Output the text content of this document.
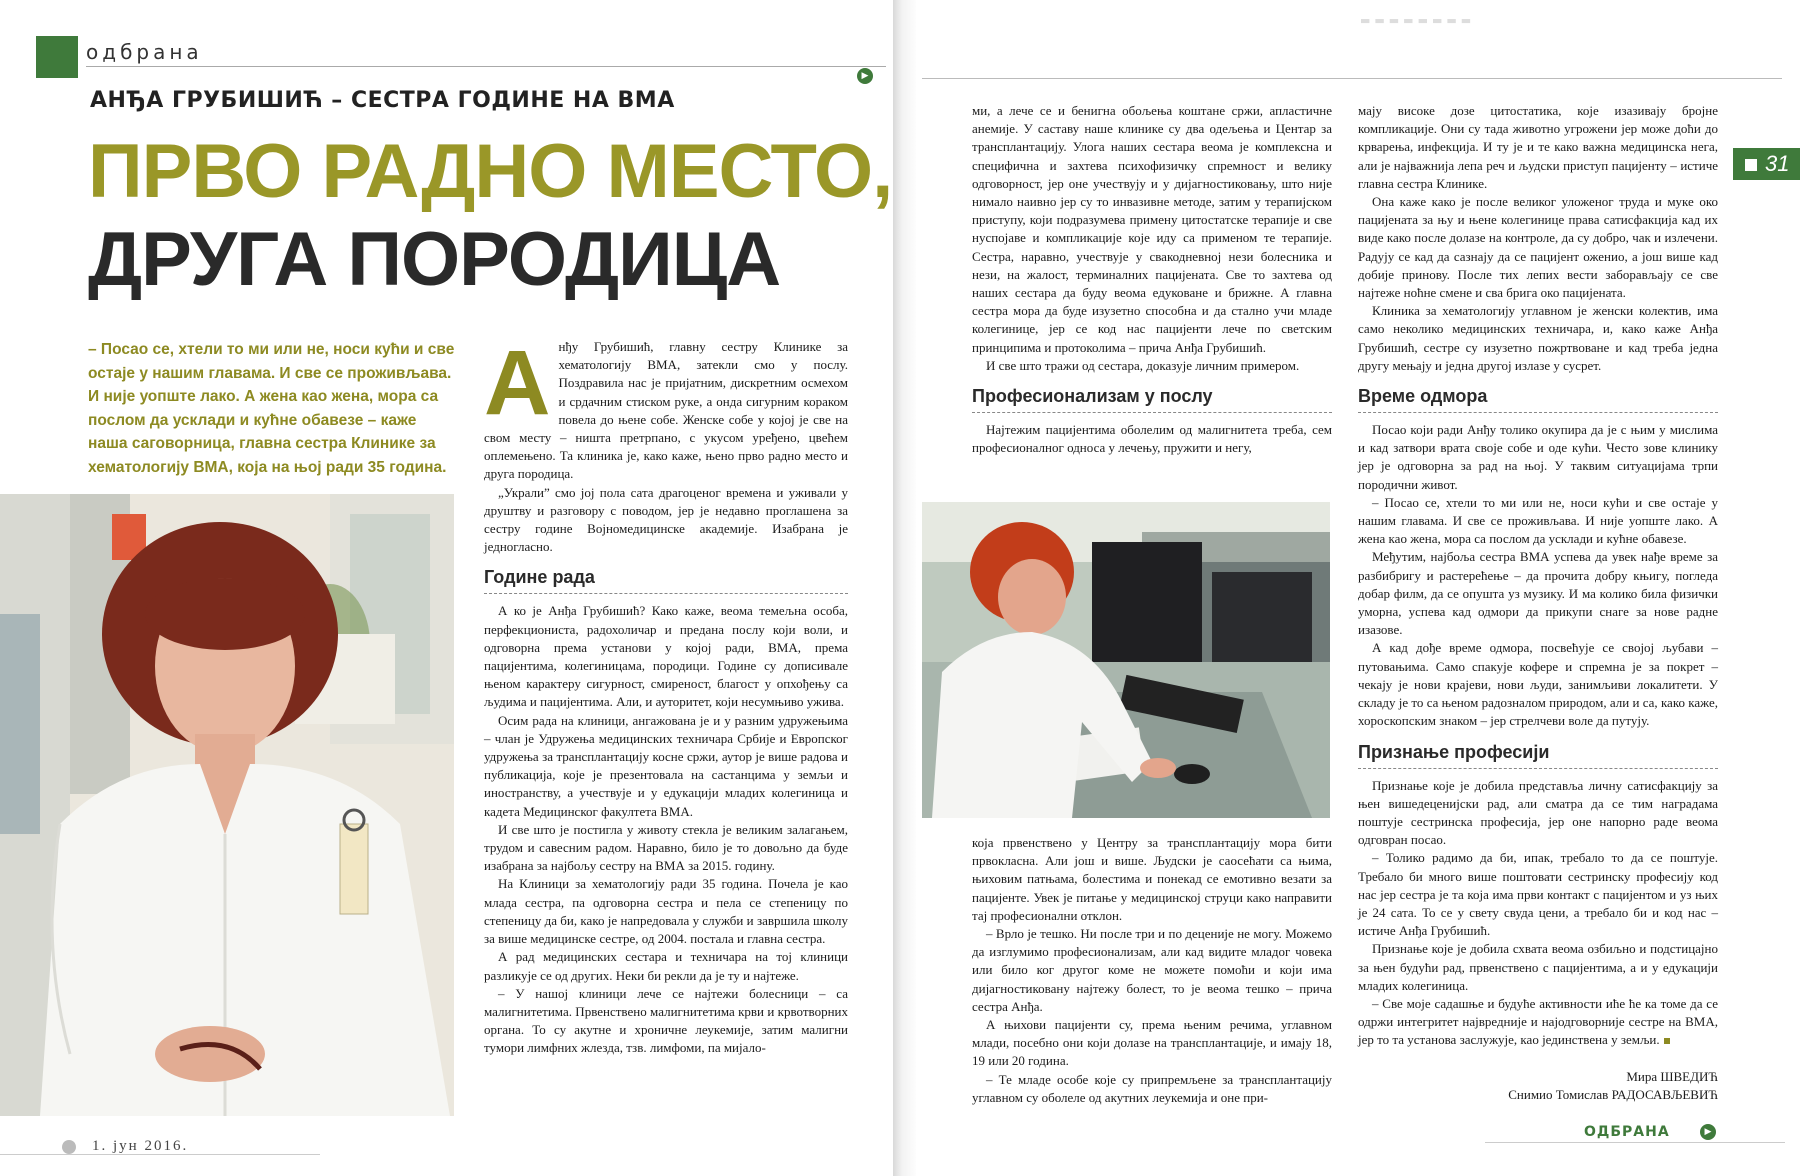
одбрана
▶
АНЂА ГРУБИШИЋ – СЕСТРА ГОДИНЕ НА ВМА
ПРВО РАДНО МЕСТО,
ДРУГА ПОРОДИЦА
– Посао се, хтели то ми или не, носи кући и све остаје у нашим главама. И све се проживљава. И није уопште лако. А жена као жена, мора са послом да усклади и кућне обавезе – каже наша саговорница, главна сестра Клинике за хематологију ВМА, која на њој ради 35 година.
1. јун 2016.

Анђу Грубишић, главну сестру Клинике за хематологију ВМА, затекли смо у послу. Поздравила нас је пријатним, дискретним осмехом и срдачним стиском руке, а онда сигурним кораком повела до њене собе. Женске собе у којој је све на свом месту – ништа претрпано, с укусом уређено, цвећем оплемењено. Та клиника је, како каже, њено прво радно место и друга породица.

„Украли” смо јој пола сата драгоценог времена и уживали у друштву и разговору с поводом, јер је недавно проглашена за сестру године Војномедицинске академије. Изабрана је једногласно.

Године рада

А ко је Анђа Грубишић? Како каже, веома темељна особа, перфекциониста, радохоличар и предана послу који воли, и одговорна према установи у којој ради, ВМА, према пацијентима, колегиницама, породици. Године су дописивале њеном карактеру сигурност, смиреност, благост у опхођењу са људима и пацијентима. Али, и ауторитет, који несумњиво ужива.

Осим рада на клиници, ангажована је и у разним удружењима – члан је Удружења медицинских техничара Србије и Европског удружења за трансплантацију косне сржи, аутор је више радова и публикација, које је презентовала на састанцима у земљи и иностранству, а учествује и у едукацији младих колегиница и кадета Медицинског факултета ВМА.

И све што је постигла у животу стекла је великим залагањем, трудом и савесним радом. Наравно, било је то довољно да буде изабрана за најбољу сестру на ВМА за 2015. годину.

На Клиници за хематологију ради 35 година. Почела је као млада сестра, па одговорна сестра и пела се степеницу по степеницу да би, како је напредовала у служби и завршила школу за више медицинске сестре, од 2004. постала и главна сестра.

А рад медицинских сестара и техничара на тој клиници разликује се од других. Неки би рекли да је ту и најтеже.

– У нашој клиници лече се најтежи болесници – са малигнитетима. Првенствено малигнитетима крви и крвотворних органа. То су акутне и хроничне леукемије, затим малигни тумори лимфних жлезда, тзв. лимфоми, па мијало-

▬▬▬▬▬▬▬▬
31

ми, а лече се и бенигна обољења коштане сржи, апластичне анемије. У саставу наше клинике су два одељења и Центар за трансплантацију. Улога наших сестара веома је комплексна и специфична и захтева психофизичку спремност и велику одговорност, јер оне учествују и у дијагностиковању, што није нимало наивно јер су то инвазивне методе, затим у терапијском приступу, који подразумева примену цитостатске терапије и све нуспојаве и компликације које иду са применом те терапије. Сестра, наравно, учествује у свакодневној нези болесника и нези, на жалост, терминалних пацијената. Све то захтева од наших сестара да буду веома едуковане и брижне. А главна сестра мора да буде изузетно способна и да стално учи младе колегинице, јер се код нас пацијенти лече по светским принципима и протоколима – прича Анђа Грубишић.

И све што тражи од сестара, доказује личним примером.

Професионализам у послу

Најтежим пацијентима оболелим од малигнитета треба, сем професионалног односа у лечењу, пружити и негу,

која првенствено у Центру за трансплантацију мора бити првокласна. Али још и више. Људски је саосећати са њима, њиховим патњама, болестима и понекад се емотивно везати за пацијенте. Увек је питање у медицинској струци како направити тај професионални отклон.

– Врло је тешко. Ни после три и по деценије не могу. Можемо да изглумимо професионализам, али кад видите младог човека или било ког другог коме не можете помоћи и који има дијагностиковану најтежу болест, то је веома тешко – прича сестра Анђа.

А њихови пацијенти су, према њеним речима, углавном млади, посебно они који долазе на трансплантације, и имају 18, 19 или 20 година.

– Те младе особе које су припремљене за трансплантацију углавном су оболеле од акутних леукемија и оне при-

мају високе дозе цитостатика, које изазивају бројне компликације. Они су тада животно угрожени јер може доћи до крварења, инфекција. И ту је и те како важна медицинска нега, али је најважнија лепа реч и људски приступ пацијенту – истиче главна сестра Клинике.

Она каже како је после великог уложеног труда и муке око пацијената за њу и њене колегинице права сатисфакција кад их виде како после долазе на контроле, да су добро, чак и излечени. Радују се кад да сазнају да се пацијент оженио, а још више кад добије принову. После тих лепих вести заборављају се све најтеже ноћне смене и сва брига око пацијената.

Клиника за хематологију углавном је женски колектив, има само неколико медицинских техничара, и, како каже Анђа Грубишић, сестре су изузетно пожртвоване и кад треба једна другу мењају и једна другој излазе у сусрет.

Време одмора

Посао који ради Анђу толико окупира да је с њим у мислима и кад затвори врата своје собе и оде кући. Често зове клинику јер је одговорна за рад на њој. У таквим ситуацијама трпи породични живот.

– Посао се, хтели то ми или не, носи кући и све остаје у нашим главама. И све се проживљава. И није уопште лако. А жена као жена, мора са послом да усклади и кућне обавезе.

Међутим, најбоља сестра ВМА успева да увек нађе време за разбибригу и растерећење – да прочита добру књигу, погледа добар филм, да се опушта уз музику. И ма колико била физички уморна, успева кад одмори да прикупи снаге за нове радне изазове.

А кад дође време одмора, посвећује се својој љубави – путовањима. Само спакује кофере и спремна је за покрет – чекају је нови крајеви, нови људи, занимљиви локалитети. У складу је то са њеном радозналом природом, али и са, како каже, хороскопским знаком – јер стрелчеви воле да путују.

Признање професији

Признање које је добила представља личну сатисфакцију за њен вишедеценијски рад, али сматра да се тим наградама поштује сестринска професија, јер оне напорно раде веома одговран посао.

– Толико радимо да би, ипак, требало то да се поштује. Требало би много више поштовати сестринску професију код нас јер сестра је та која има први контакт с пацијентом и уз њих је 24 сата. То се у свету свуда цени, а требало би и код нас – истиче Анђа Грубишић.

Признање које је добила схвата веома озбиљно и подстицајно за њен будући рад, првенствено с пацијентима, а и у едукацији младих колегиница.

– Све моје садашње и будуће активности иће ће ка томе да се одржи интегритет највредније и најодговорније сестре на ВМА, јер то та установа заслужује, као јединствена у земљи.

Мира ШВЕДИЋ
Снимио Томислав РАДОСАВЉЕВИЋ
ОДБРАНА	▶
